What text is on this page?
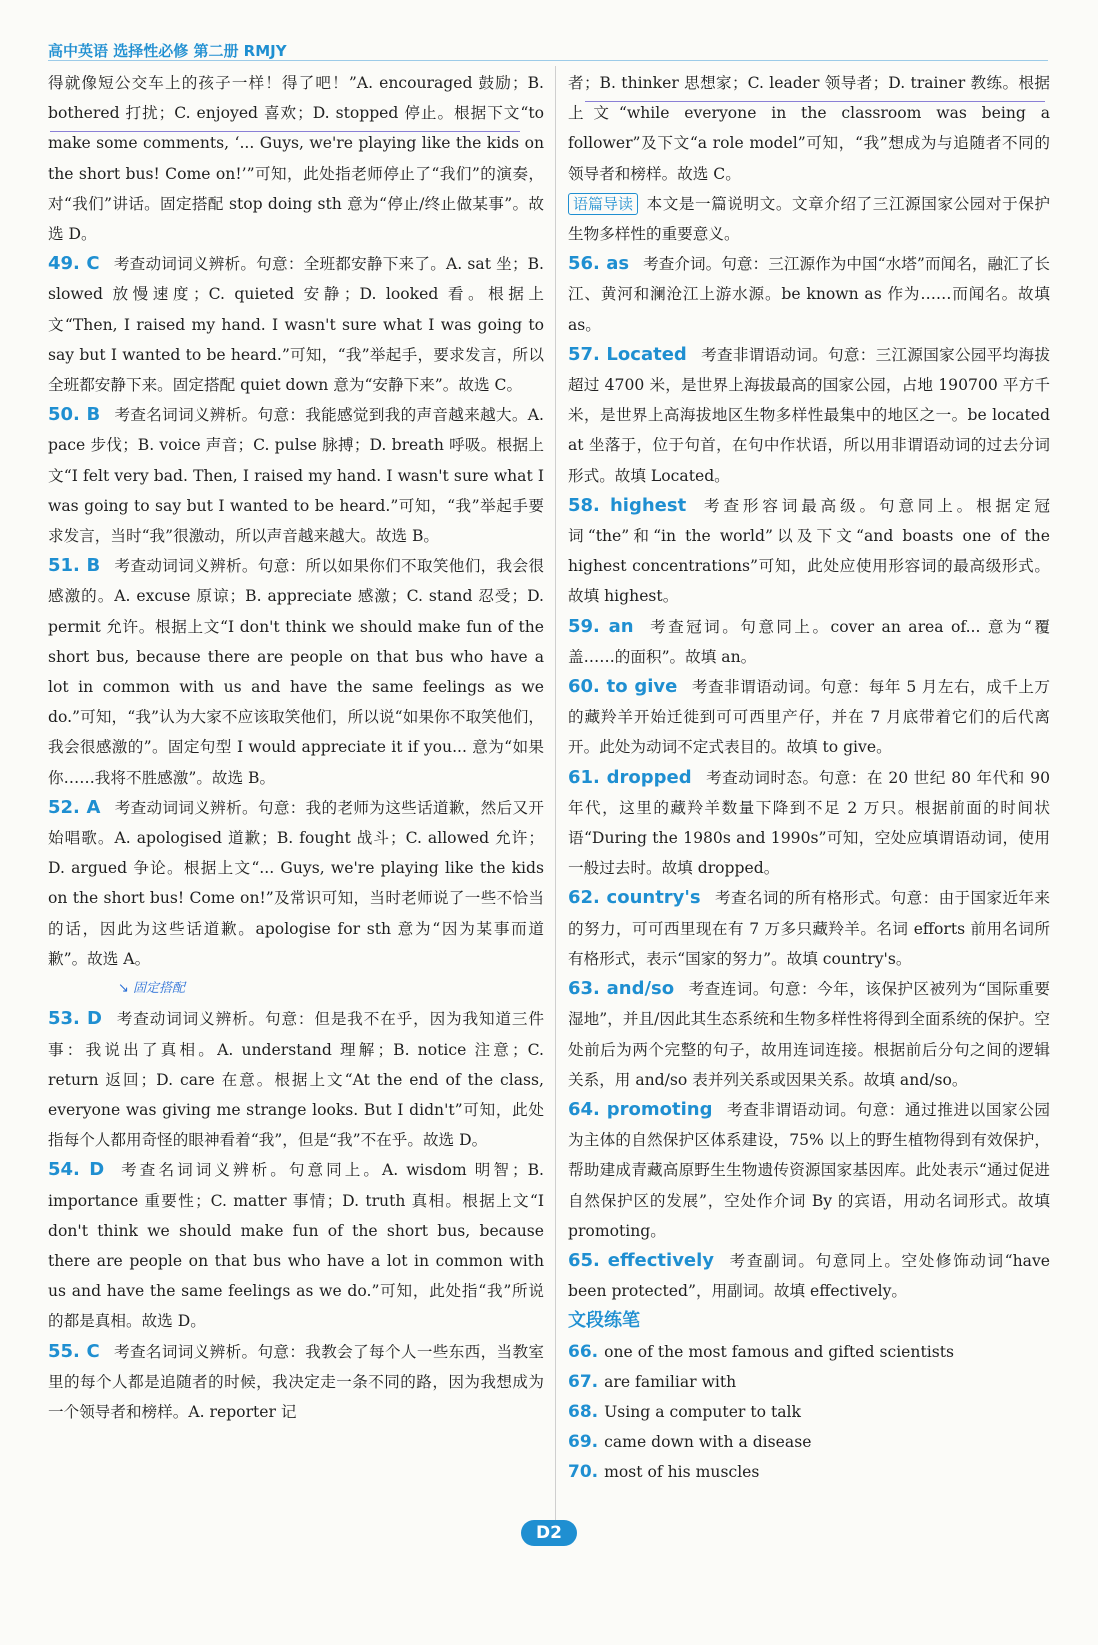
高中英语 选择性必修 第二册 RMJY

得就像短公交车上的孩子一样！得了吧！”A. encouraged 鼓励；B. bothered 打扰；C. enjoyed 喜欢；D. stopped 停止。根据下文“to make some comments, ‘... Guys, we're playing like the kids on the short bus! Come on!’”可知，此处指老师停止了“我们”的演奏，对“我们”讲话。固定搭配 stop doing sth 意为“停止/终止做某事”。故选 D。

49. C 考查动词词义辨析。句意：全班都安静下来了。A. sat 坐；B. slowed 放慢速度；C. quieted 安静；D. looked 看。根据上文“Then, I raised my hand. I wasn't sure what I was going to say but I wanted to be heard.”可知，“我”举起手，要求发言，所以全班都安静下来。固定搭配 quiet down 意为“安静下来”。故选 C。

50. B 考查名词词义辨析。句意：我能感觉到我的声音越来越大。A. pace 步伐；B. voice 声音；C. pulse 脉搏；D. breath 呼吸。根据上文“I felt very bad. Then, I raised my hand. I wasn't sure what I was going to say but I wanted to be heard.”可知，“我”举起手要求发言，当时“我”很激动，所以声音越来越大。故选 B。

51. B 考查动词词义辨析。句意：所以如果你们不取笑他们，我会很感激的。A. excuse 原谅；B. appreciate 感激；C. stand 忍受；D. permit 允许。根据上文“I don't think we should make fun of the short bus, because there are people on that bus who have a lot in common with us and have the same feelings as we do.”可知，“我”认为大家不应该取笑他们，所以说“如果你不取笑他们，我会很感激的”。固定句型 I would appreciate it if you... 意为“如果你……我将不胜感激”。故选 B。

52. A 考查动词词义辨析。句意：我的老师为这些话道歉，然后又开始唱歌。A. apologised 道歉；B. fought 战斗；C. allowed 允许；D. argued 争论。根据上文“... Guys, we're playing like the kids on the short bus! Come on!”及常识可知，当时老师说了一些不恰当的话，因此为这些话道歉。apologise for sth 意为“因为某事而道歉”。故选 A。

↘ 固定搭配

53. D 考查动词词义辨析。句意：但是我不在乎，因为我知道三件事：我说出了真相。A. understand 理解；B. notice 注意；C. return 返回；D. care 在意。根据上文“At the end of the class, everyone was giving me strange looks. But I didn't”可知，此处指每个人都用奇怪的眼神看着“我”，但是“我”不在乎。故选 D。

54. D 考查名词词义辨析。句意同上。A. wisdom 明智；B. importance 重要性；C. matter 事情；D. truth 真相。根据上文“I don't think we should make fun of the short bus, because there are people on that bus who have a lot in common with us and have the same feelings as we do.”可知，此处指“我”所说的都是真相。故选 D。

55. C 考查名词词义辨析。句意：我教会了每个人一些东西，当教室里的每个人都是追随者的时候，我决定走一条不同的路，因为我想成为一个领导者和榜样。A. reporter 记

者；B. thinker 思想家；C. leader 领导者；D. trainer 教练。根据上文“while everyone in the classroom was being a follower”及下文“a role model”可知，“我”想成为与追随者不同的领导者和榜样。故选 C。

语篇导读 本文是一篇说明文。文章介绍了三江源国家公园对于保护生物多样性的重要意义。

56. as 考查介词。句意：三江源作为中国“水塔”而闻名，融汇了长江、黄河和澜沧江上游水源。be known as 作为……而闻名。故填 as。

57. Located 考查非谓语动词。句意：三江源国家公园平均海拔超过 4700 米，是世界上海拔最高的国家公园，占地 190700 平方千米，是世界上高海拔地区生物多样性最集中的地区之一。be located at 坐落于，位于句首，在句中作状语，所以用非谓语动词的过去分词形式。故填 Located。

58. highest 考查形容词最高级。句意同上。根据定冠词“the”和“in the world”以及下文“and boasts one of the highest concentrations”可知，此处应使用形容词的最高级形式。故填 highest。

59. an 考查冠词。句意同上。cover an area of... 意为“覆盖……的面积”。故填 an。

60. to give 考查非谓语动词。句意：每年 5 月左右，成千上万的藏羚羊开始迁徙到可可西里产仔，并在 7 月底带着它们的后代离开。此处为动词不定式表目的。故填 to give。

61. dropped 考查动词时态。句意：在 20 世纪 80 年代和 90 年代，这里的藏羚羊数量下降到不足 2 万只。根据前面的时间状语“During the 1980s and 1990s”可知，空处应填谓语动词，使用一般过去时。故填 dropped。

62. country's 考查名词的所有格形式。句意：由于国家近年来的努力，可可西里现在有 7 万多只藏羚羊。名词 efforts 前用名词所有格形式，表示“国家的努力”。故填 country's。

63. and/so 考查连词。句意：今年，该保护区被列为“国际重要湿地”，并且/因此其生态系统和生物多样性将得到全面系统的保护。空处前后为两个完整的句子，故用连词连接。根据前后分句之间的逻辑关系，用 and/so 表并列关系或因果关系。故填 and/so。

64. promoting 考查非谓语动词。句意：通过推进以国家公园为主体的自然保护区体系建设，75% 以上的野生植物得到有效保护，帮助建成青藏高原野生生物遗传资源国家基因库。此处表示“通过促进自然保护区的发展”，空处作介词 By 的宾语，用动名词形式。故填 promoting。

65. effectively 考查副词。句意同上。空处修饰动词“have been protected”，用副词。故填 effectively。

文段练笔

66. one of the most famous and gifted scientists

67. are familiar with

68. Using a computer to talk

69. came down with a disease

70. most of his muscles

D2
